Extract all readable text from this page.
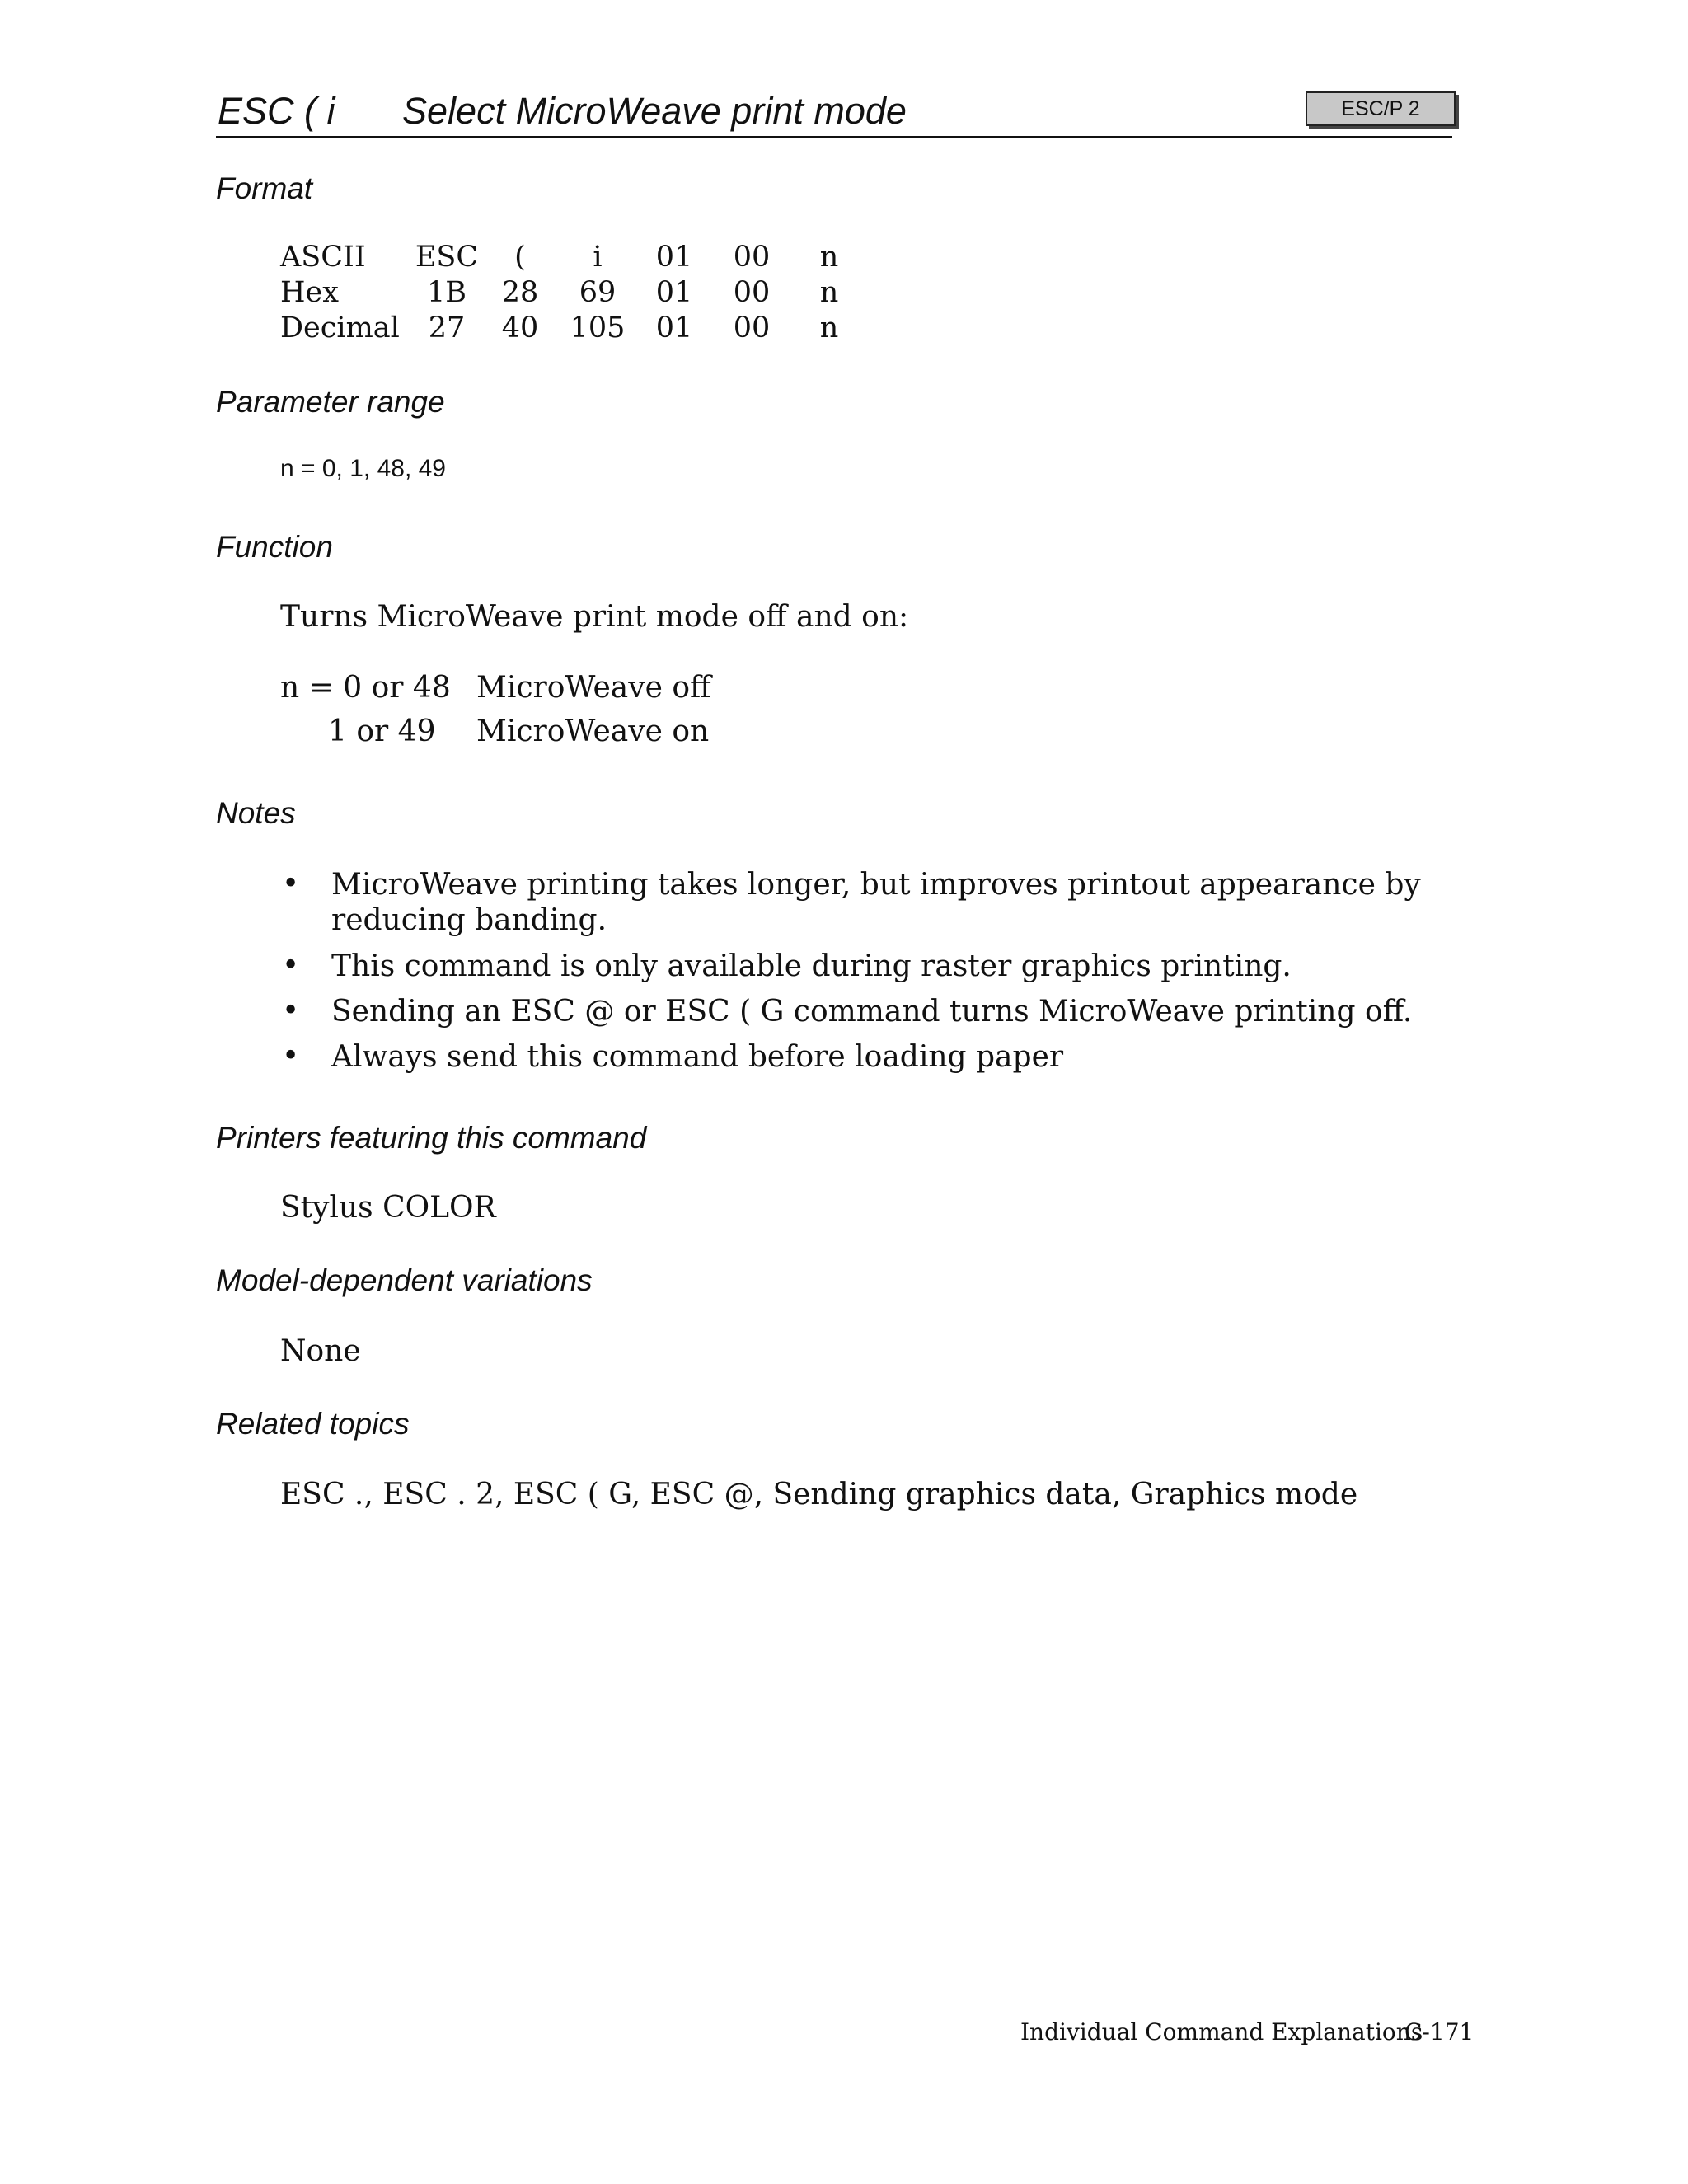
ESC ( i Select MicroWeave print mode	ESC/P 2
Format
ASCII	ESC	(	i	01	00	n
Hex	1B	28	69	01	00	n
Decimal	27	40	105	01	00	n
Parameter range
n = 0, 1, 48, 49
Function
Turns MicroWeave print mode off and on:
n = 0 or 48 MicroWeave off
1 or 49 MicroWeave on
Notes
• MicroWeave printing takes longer, but improves printout appearance by reducing banding.
• This command is only available during raster graphics printing.
• Sending an ESC @ or ESC ( G command turns MicroWeave printing off.
• Always send this command before loading paper
Printers featuring this command
Stylus COLOR
Model-dependent variations
None
Related topics
ESC ., ESC . 2, ESC ( G, ESC @, Sending graphics data, Graphics mode
Individual Command Explanations
C-171
